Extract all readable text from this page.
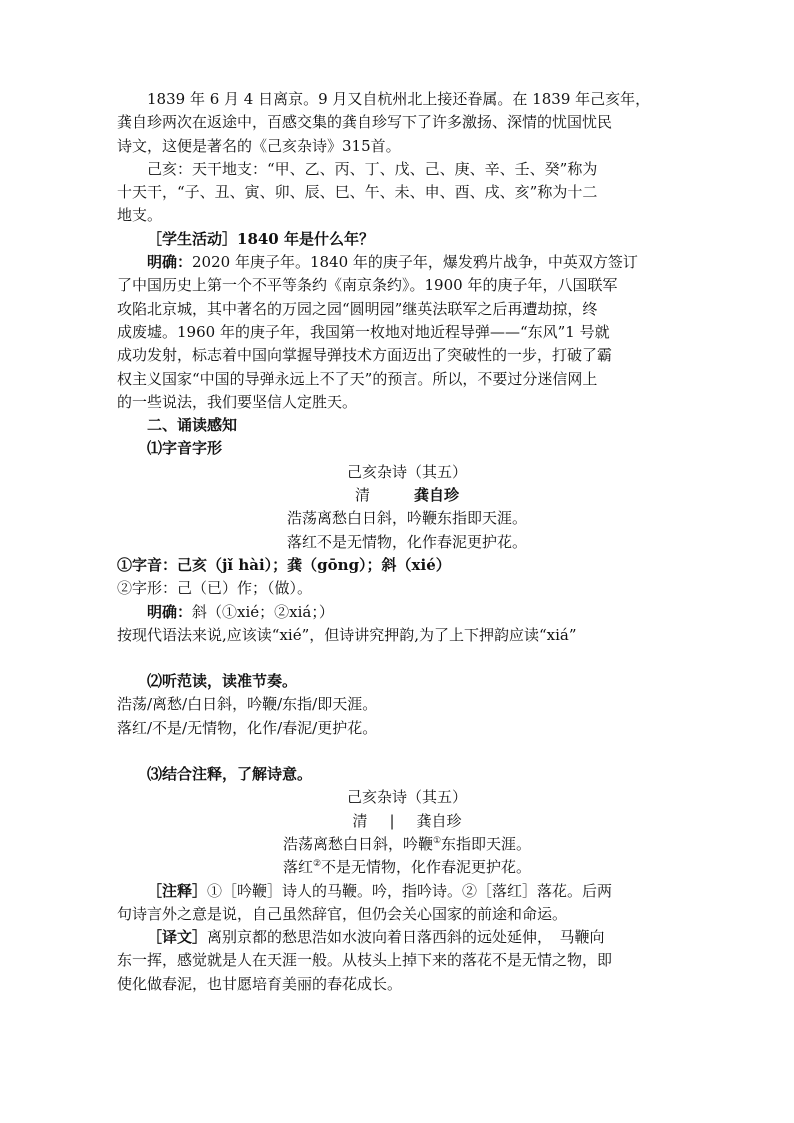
1839 年 6 月 4 日离京。9 月又自杭州北上接还眷属。在 1839 年己亥年，
龚自珍两次在返途中，百感交集的龚自珍写下了许多激扬、深情的忧国忧民
诗文，这便是著名的《己亥杂诗》315首。
己亥：天干地支：“甲、乙、丙、丁、戊、己、庚、辛、壬、癸”称为
十天干，“子、丑、寅、卯、辰、巳、午、未、申、酉、戌、亥”称为十二
地支。
［学生活动］1840 年是什么年？
明确：2020 年庚子年。1840 年的庚子年，爆发鸦片战争，中英双方签订
了中国历史上第一个不平等条约《南京条约》。1900 年的庚子年，八国联军
攻陷北京城，其中著名的万园之园“圆明园”继英法联军之后再遭劫掠，终
成废墟。1960 年的庚子年，我国第一枚地对地近程导弹——“东风”1 号就
成功发射，标志着中国向掌握导弹技术方面迈出了突破性的一步，打破了霸
权主义国家“中国的导弹永远上不了天”的预言。所以，不要过分迷信网上
的一些说法，我们要坚信人定胜天。
二、诵读感知
⑴字音字形
己亥杂诗（其五）
清	龚自珍
浩荡离愁白日斜，吟鞭东指即天涯。
落红不是无情物，化作春泥更护花。
①字音：己亥（jǐ hài）；龚（gōng）；斜（xié）
②字形：己（已）作；（做）。
明确：斜（①xié；②xiá；）
按现代语法来说,应该读“xié”，但诗讲究押韵,为了上下押韵应读“xiá”
⑵听范读，读准节奏。
浩荡/离愁/白日斜，吟鞭/东指/即天涯。
落红/不是/无情物，化作/春泥/更护花。
⑶结合注释，了解诗意。
己亥杂诗（其五）
清 | 龚自珍
浩荡离愁白日斜，吟鞭①东指即天涯。
落红②不是无情物，化作春泥更护花。
［注释］①［吟鞭］诗人的马鞭。吟，指吟诗。②［落红］落花。后两
句诗言外之意是说，自己虽然辞官，但仍会关心国家的前途和命运。
［译文］离别京都的愁思浩如水波向着日落西斜的远处延伸，　马鞭向
东一挥，感觉就是人在天涯一般。从枝头上掉下来的落花不是无情之物，即
使化做春泥，也甘愿培育美丽的春花成长。
